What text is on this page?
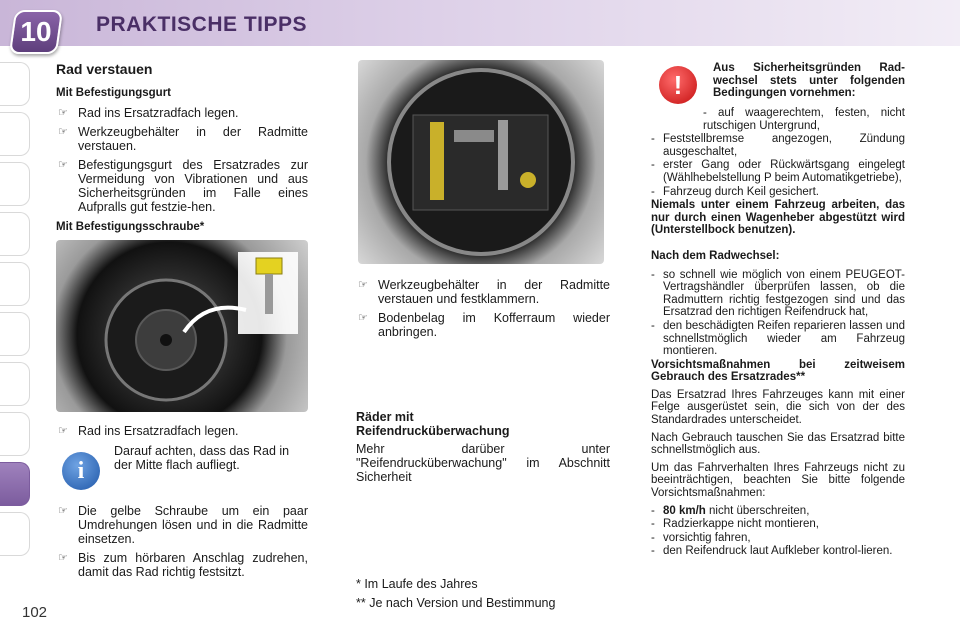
10	PRAKTISCHE TIPPS
102
Rad verstauen
Mit Befestigungsgurt
☞ Rad ins Ersatzradfach legen.
☞ Werkzeugbehälter in der Radmitte verstauen.
☞ Befestigungsgurt des Ersatzrades zur Vermeidung von Vibrationen und aus Sicherheitsgründen im Falle eines Aufpralls gut festzie-hen.
Mit Befestigungsschraube*
☞ Rad ins Ersatzradfach legen.
i
Darauf achten, dass das Rad in der Mitte flach aufliegt.
☞ Die gelbe Schraube um ein paar Umdrehungen lösen und in die Radmitte einsetzen.
☞ Bis zum hörbaren Anschlag zudrehen, damit das Rad richtig festsitzt.
☞ Werkzeugbehälter in der Radmitte verstauen und festklammern.
☞ Bodenbelag im Kofferraum wieder anbringen.
Räder mit
Reifendrucküberwachung
Mehr darüber unter "Reifendrucküberwachung" im Abschnitt Sicherheit
* Im Laufe des Jahres
** Je nach Version und Bestimmung
!
Aus Sicherheitsgründen Rad-wechsel stets unter folgenden Bedingungen vornehmen:
- auf waagerechtem, festen, nicht rutschigen Untergrund,
- Feststellbremse angezogen, Zündung ausgeschaltet,
- erster Gang oder Rückwärtsgang eingelegt (Wählhebelstellung P beim Automatikgetriebe),
- Fahrzeug durch Keil gesichert.
Niemals unter einem Fahrzeug arbeiten, das nur durch einen Wagenheber abgestützt wird (Unterstellbock benutzen).
Nach dem Radwechsel:
- so schnell wie möglich von einem PEUGEOT-Vertragshändler überprüfen lassen, ob die Radmuttern richtig festgezogen sind und das Ersatzrad den richtigen Reifendruck hat,
- den beschädigten Reifen reparieren lassen und schnellstmöglich wieder am Fahrzeug montieren.
Vorsichtsmaßnahmen bei zeitweisem Gebrauch des Ersatzrades**
Das Ersatzrad Ihres Fahrzeuges kann mit einer Felge ausgerüstet sein, die sich von der des Standardrades unterscheidet.
Nach Gebrauch tauschen Sie das Ersatzrad bitte schnellstmöglich aus.
Um das Fahrverhalten Ihres Fahrzeugs nicht zu beeinträchtigen, beachten Sie bitte folgende Vorsichtsmaßnahmen:
- 80 km/h nicht überschreiten,
- Radzierkappe nicht montieren,
- vorsichtig fahren,
- den Reifendruck laut Aufkleber kontrol-lieren.
